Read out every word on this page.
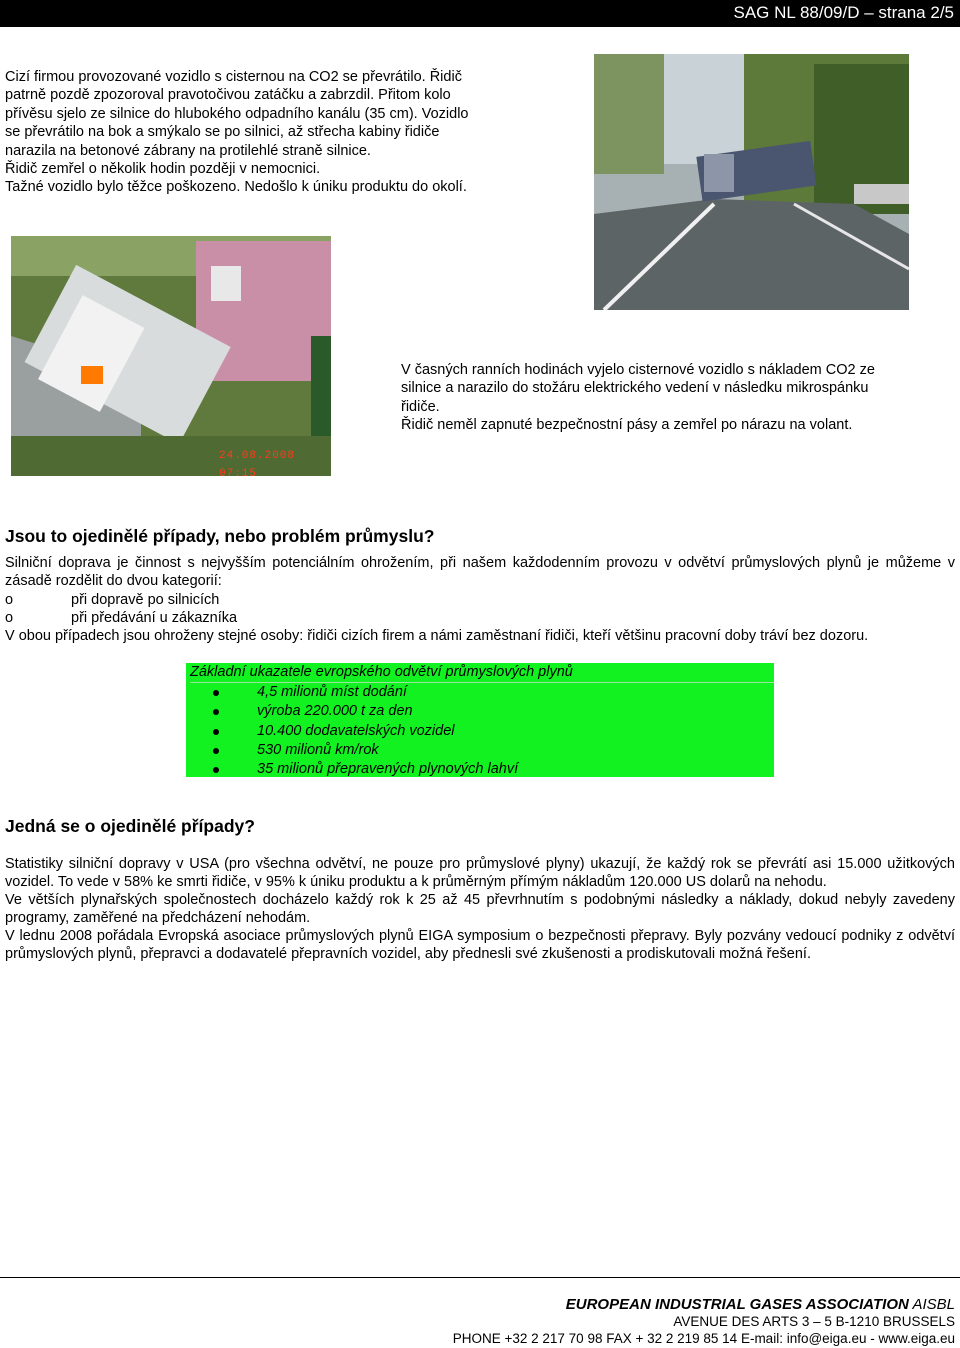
SAG NL 88/09/D – strana 2/5
Cizí firmou provozované vozidlo s cisternou na CO2 se převrátilo. Řidič
patrně pozdě zpozoroval pravotočivou zatáčku a zabrzdil. Přitom kolo
přívěsu sjelo ze silnice do hlubokého odpadního kanálu (35 cm). Vozidlo
se převrátilo na bok a smýkalo se po silnici, až střecha kabiny řidiče
narazila na betonové zábrany na protilehlé straně silnice.
Řidič zemřel o několik hodin později v nemocnici.
Tažné vozidlo bylo těžce poškozeno. Nedošlo k úniku produktu do okolí.
24.08.2008 07:15
V časných ranních hodinách vyjelo cisternové vozidlo s nákladem CO2 ze
silnice a narazilo do stožáru elektrického vedení v následku mikrospánku
řidiče.
Řidič neměl zapnuté bezpečnostní pásy a zemřel po nárazu na volant.
Jsou to ojedinělé případy, nebo problém průmyslu?
Silniční doprava je činnost s nejvyšším potenciálním ohrožením, při našem každodenním provozu v odvětví průmyslových plynů je můžeme v zásadě rozdělit do dvou kategorií:
o	při dopravě po silnicích
o	při předávání u zákazníka
V obou případech jsou ohroženy stejné osoby: řidiči cizích firem a námi zaměstnaní řidiči, kteří většinu pracovní doby tráví bez dozoru.
Základní ukazatele evropského odvětví průmyslových plynů
4,5 milionů míst dodání
výroba 220.000 t za den
10.400 dodavatelských vozidel
530 milionů km/rok
35 milionů přepravených plynových lahví
Jedná se o ojedinělé případy?
Statistiky silniční dopravy v USA (pro všechna odvětví, ne pouze pro průmyslové plyny) ukazují, že každý rok se převrátí asi 15.000 užitkových vozidel. To vede v 58% ke smrti řidiče, v 95% k úniku produktu a k průměrným přímým nákladům 120.000 US dolarů na nehodu.
Ve větších plynařských společnostech docházelo každý rok k 25 až 45 převrhnutím s podobnými následky a náklady, dokud nebyly zavedeny programy, zaměřené na předcházení nehodám.
V lednu 2008 pořádala Evropská asociace průmyslových plynů EIGA symposium o bezpečnosti přepravy. Byly pozvány vedoucí podniky z odvětví průmyslových plynů, přepravci a dodavatelé přepravních vozidel, aby přednesli své zkušenosti a prodiskutovali možná řešení.
EUROPEAN INDUSTRIAL GASES ASSOCIATION AISBL
AVENUE DES ARTS 3 – 5 B-1210 BRUSSELS
PHONE +32 2 217 70 98 FAX + 32 2 219 85 14 E-mail: info@eiga.eu - www.eiga.eu
